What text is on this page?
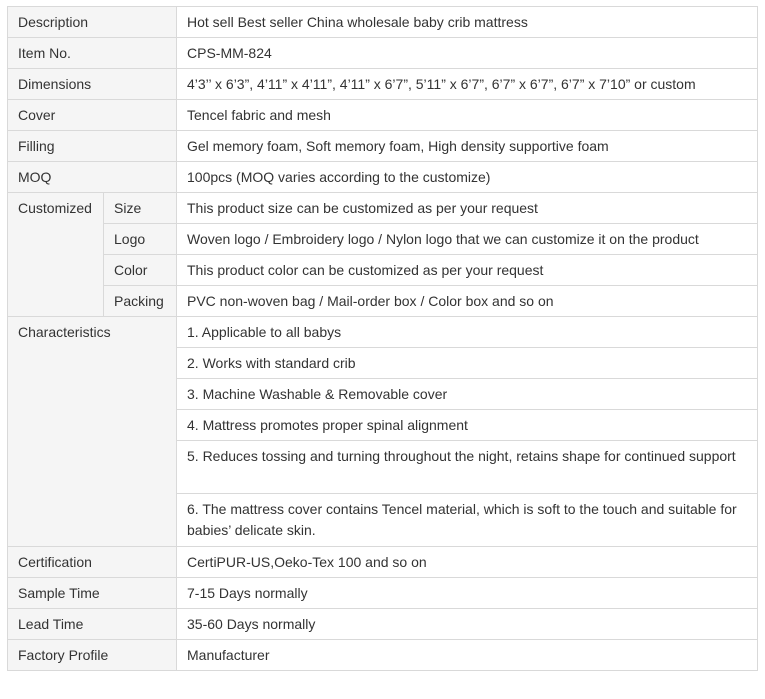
Description		Hot sell Best seller China wholesale baby crib mattress
Item No.		CPS-MM-824
Dimensions		4’3’’ x 6’3”, 4’11” x 4’11”, 4’11” x 6’7”, 5’11” x 6’7”, 6’7” x 6’7”, 6’7” x 7’10” or custom
Cover		Tencel fabric and mesh
Filling		Gel memory foam, Soft memory foam, High density supportive foam
MOQ		100pcs (MOQ varies according to the customize)
Customized	Size	This product size can be customized as per your request
	Logo	Woven logo / Embroidery logo / Nylon logo that we can customize it on the product
	Color	This product color can be customized as per your request
	Packing	PVC non-woven bag / Mail-order box / Color box and so on
Characteristics		1. Applicable to all babys
		2. Works with standard crib
		3. Machine Washable & Removable cover
		4. Mattress promotes proper spinal alignment
		5. Reduces tossing and turning throughout the night, retains shape for continued support
		6. The mattress cover contains Tencel material, which is soft to the touch and suitable for babies’ delicate skin.
Certification		CertiPUR-US,Oeko-Tex 100 and so on
Sample Time		7-15 Days normally
Lead Time		35-60 Days normally
Factory Profile		Manufacturer
